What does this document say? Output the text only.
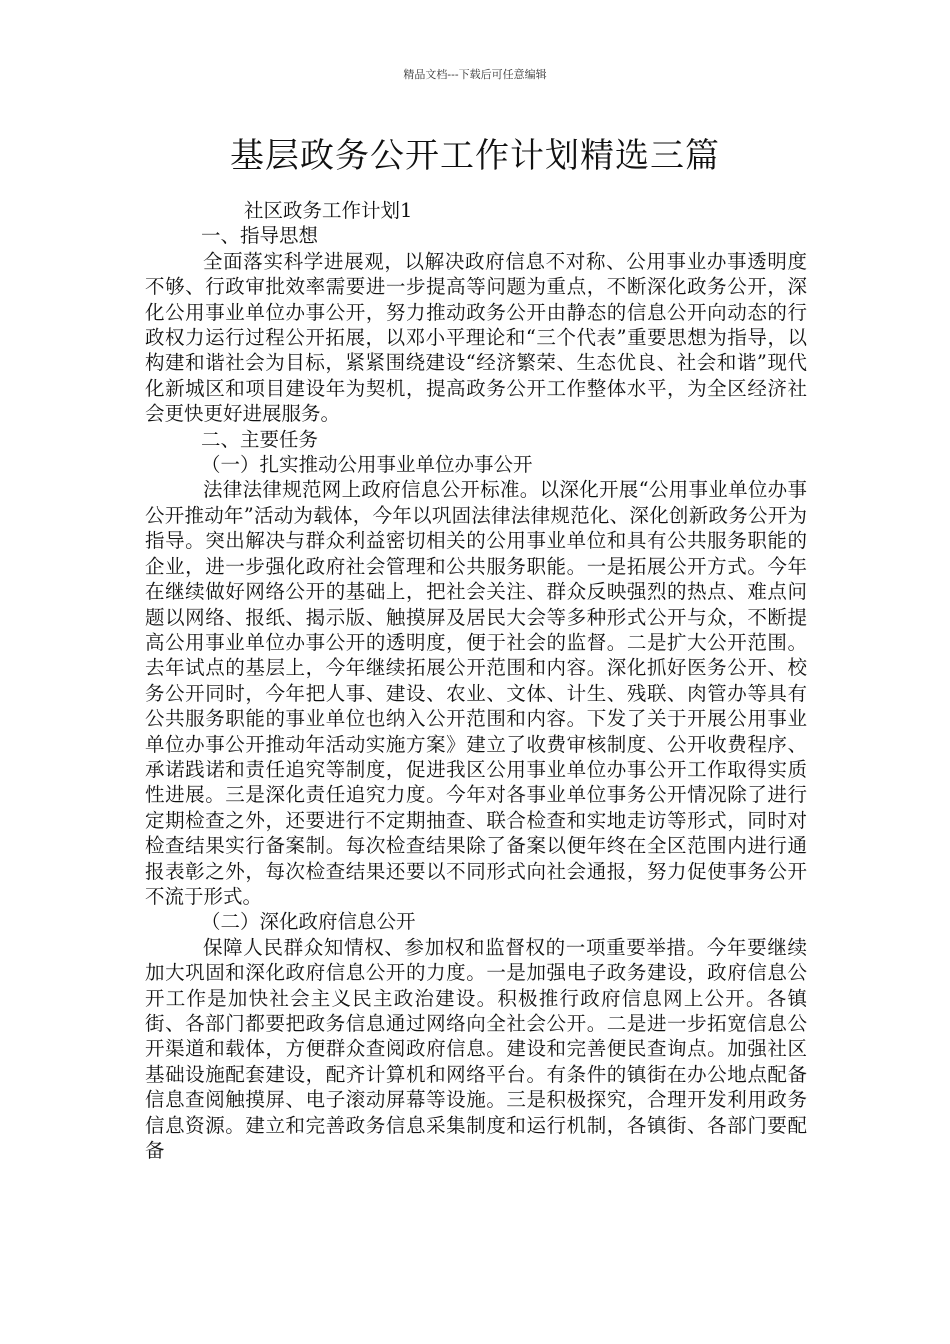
精品文档---下载后可任意编辑
基层政务公开工作计划精选三篇

社区政务工作计划1

一、指导思想

全面落实科学进展观，以解决政府信息不对称、公用事业办事透明度不够、行政审批效率需要进一步提高等问题为重点，不断深化政务公开，深化公用事业单位办事公开，努力推动政务公开由静态的信息公开向动态的行政权力运行过程公开拓展，以邓小平理论和“三个代表”重要思想为指导，以构建和谐社会为目标，紧紧围绕建设“经济繁荣、生态优良、社会和谐”现代化新城区和项目建设年为契机，提高政务公开工作整体水平，为全区经济社会更快更好进展服务。

二、主要任务

（一）扎实推动公用事业单位办事公开

法律法律规范网上政府信息公开标准。以深化开展“公用事业单位办事公开推动年”活动为载体，今年以巩固法律法律规范化、深化创新政务公开为指导。突出解决与群众利益密切相关的公用事业单位和具有公共服务职能的企业，进一步强化政府社会管理和公共服务职能。一是拓展公开方式。今年在继续做好网络公开的基础上，把社会关注、群众反映强烈的热点、难点问题以网络、报纸、揭示版、触摸屏及居民大会等多种形式公开与众，不断提高公用事业单位办事公开的透明度，便于社会的监督。二是扩大公开范围。去年试点的基层上，今年继续拓展公开范围和内容。深化抓好医务公开、校务公开同时，今年把人事、建设、农业、文体、计生、残联、肉管办等具有公共服务职能的事业单位也纳入公开范围和内容。下发了关于开展公用事业单位办事公开推动年活动实施方案》建立了收费审核制度、公开收费程序、承诺践诺和责任追究等制度，促进我区公用事业单位办事公开工作取得实质性进展。三是深化责任追究力度。今年对各事业单位事务公开情况除了进行定期检查之外，还要进行不定期抽查、联合检查和实地走访等形式，同时对检查结果实行备案制。每次检查结果除了备案以便年终在全区范围内进行通报表彰之外，每次检查结果还要以不同形式向社会通报，努力促使事务公开不流于形式。

（二）深化政府信息公开

保障人民群众知情权、参加权和监督权的一项重要举措。今年要继续加大巩固和深化政府信息公开的力度。一是加强电子政务建设，政府信息公开工作是加快社会主义民主政治建设。积极推行政府信息网上公开。各镇街、各部门都要把政务信息通过网络向全社会公开。二是进一步拓宽信息公开渠道和载体，方便群众查阅政府信息。建设和完善便民查询点。加强社区基础设施配套建设，配齐计算机和网络平台。有条件的镇街在办公地点配备信息查阅触摸屏、电子滚动屏幕等设施。三是积极探究，合理开发利用政务信息资源。建立和完善政务信息采集制度和运行机制，各镇街、各部门要配备
